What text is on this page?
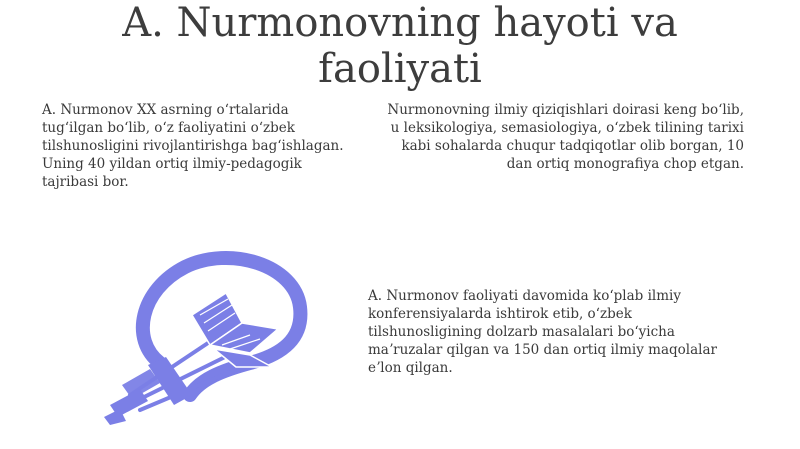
A. Nurmonovning hayoti va faoliyati

A. Nurmonov XX asrning oʻrtalarida tugʻilgan boʻlib, oʻz faoliyatini oʻzbek tilshunosligini rivojlantirishga bagʻishlagan. Uning 40 yildan ortiq ilmiy-pedagogik tajribasi bor.

Nurmonovning ilmiy qiziqishlari doirasi keng boʻlib, u leksikologiya, semasiologiya, oʻzbek tilining tarixi kabi sohalarda chuqur tadqiqotlar olib borgan, 10 dan ortiq monografiya chop etgan.

A. Nurmonov faoliyati davomida koʻplab ilmiy konferensiyalarda ishtirok etib, oʻzbek tilshunosligining dolzarb masalalari boʻyicha maʼruzalar qilgan va 150 dan ortiq ilmiy maqolalar eʼlon qilgan.
